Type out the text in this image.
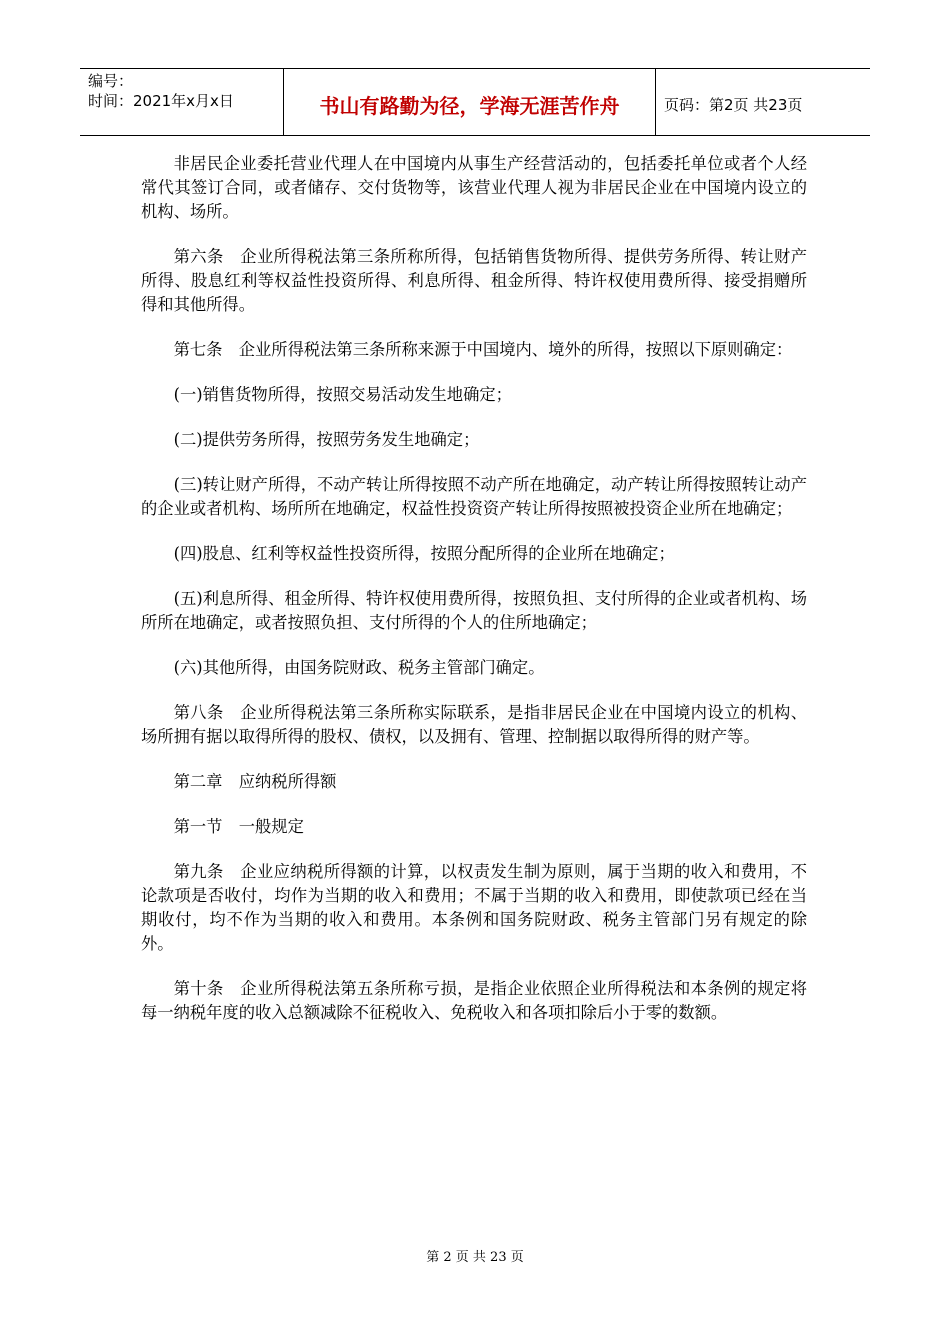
编号：
时间：2021年x月x日	书山有路勤为径，学海无涯苦作舟	页码：第2页 共23页

非居民企业委托营业代理人在中国境内从事生产经营活动的，包括委托单位或者个人经常代其签订合同，或者储存、交付货物等，该营业代理人视为非居民企业在中国境内设立的机构、场所。

第六条　企业所得税法第三条所称所得，包括销售货物所得、提供劳务所得、转让财产所得、股息红利等权益性投资所得、利息所得、租金所得、特许权使用费所得、接受捐赠所得和其他所得。

第七条　企业所得税法第三条所称来源于中国境内、境外的所得，按照以下原则确定：

(一)销售货物所得，按照交易活动发生地确定；

(二)提供劳务所得，按照劳务发生地确定；

(三)转让财产所得，不动产转让所得按照不动产所在地确定，动产转让所得按照转让动产的企业或者机构、场所所在地确定，权益性投资资产转让所得按照被投资企业所在地确定；

(四)股息、红利等权益性投资所得，按照分配所得的企业所在地确定；

(五)利息所得、租金所得、特许权使用费所得，按照负担、支付所得的企业或者机构、场所所在地确定，或者按照负担、支付所得的个人的住所地确定；

(六)其他所得，由国务院财政、税务主管部门确定。

第八条　企业所得税法第三条所称实际联系，是指非居民企业在中国境内设立的机构、场所拥有据以取得所得的股权、债权，以及拥有、管理、控制据以取得所得的财产等。

第二章　应纳税所得额

第一节　一般规定

第九条　企业应纳税所得额的计算，以权责发生制为原则，属于当期的收入和费用，不论款项是否收付，均作为当期的收入和费用；不属于当期的收入和费用，即使款项已经在当期收付，均不作为当期的收入和费用。本条例和国务院财政、税务主管部门另有规定的除外。

第十条　企业所得税法第五条所称亏损，是指企业依照企业所得税法和本条例的规定将每一纳税年度的收入总额减除不征税收入、免税收入和各项扣除后小于零的数额。

第 2 页 共 23 页
